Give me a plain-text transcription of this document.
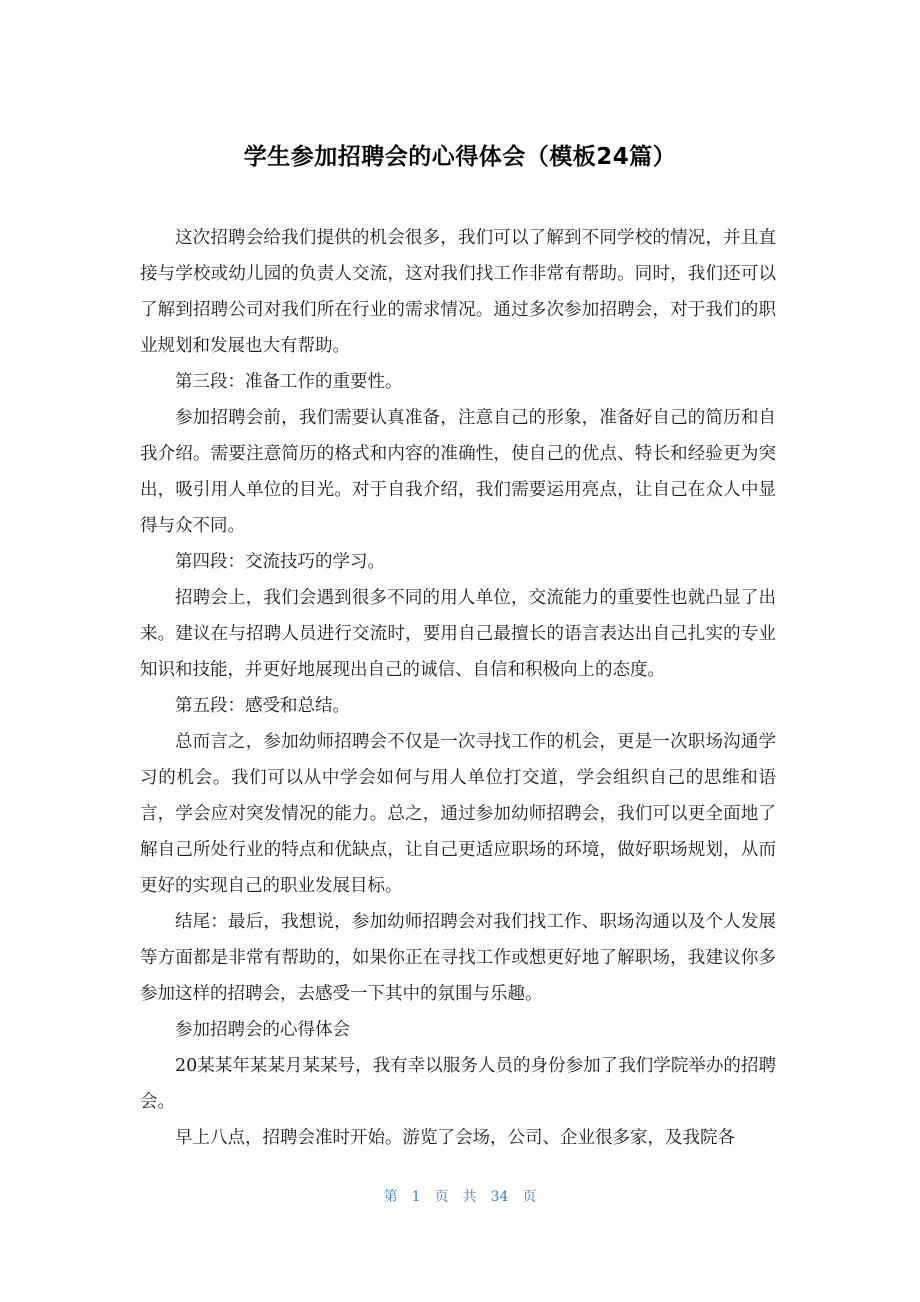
学生参加招聘会的心得体会（模板24篇）

这次招聘会给我们提供的机会很多，我们可以了解到不同学校的情况，并且直接与学校或幼儿园的负责人交流，这对我们找工作非常有帮助。同时，我们还可以了解到招聘公司对我们所在行业的需求情况。通过多次参加招聘会，对于我们的职业规划和发展也大有帮助。

第三段：准备工作的重要性。

参加招聘会前，我们需要认真准备，注意自己的形象，准备好自己的简历和自我介绍。需要注意简历的格式和内容的准确性，使自己的优点、特长和经验更为突出，吸引用人单位的目光。对于自我介绍，我们需要运用亮点，让自己在众人中显得与众不同。

第四段：交流技巧的学习。

招聘会上，我们会遇到很多不同的用人单位，交流能力的重要性也就凸显了出来。建议在与招聘人员进行交流时，要用自己最擅长的语言表达出自己扎实的专业知识和技能，并更好地展现出自己的诚信、自信和积极向上的态度。

第五段：感受和总结。

总而言之，参加幼师招聘会不仅是一次寻找工作的机会，更是一次职场沟通学习的机会。我们可以从中学会如何与用人单位打交道，学会组织自己的思维和语言，学会应对突发情况的能力。总之，通过参加幼师招聘会，我们可以更全面地了解自己所处行业的特点和优缺点，让自己更适应职场的环境，做好职场规划，从而更好的实现自己的职业发展目标。

结尾：最后，我想说，参加幼师招聘会对我们找工作、职场沟通以及个人发展等方面都是非常有帮助的，如果你正在寻找工作或想更好地了解职场，我建议你多参加这样的招聘会，去感受一下其中的氛围与乐趣。

参加招聘会的心得体会

20某某年某某月某某号，我有幸以服务人员的身份参加了我们学院举办的招聘会。

早上八点，招聘会准时开始。游览了会场，公司、企业很多家，及我院各

第 1 页 共 34 页
